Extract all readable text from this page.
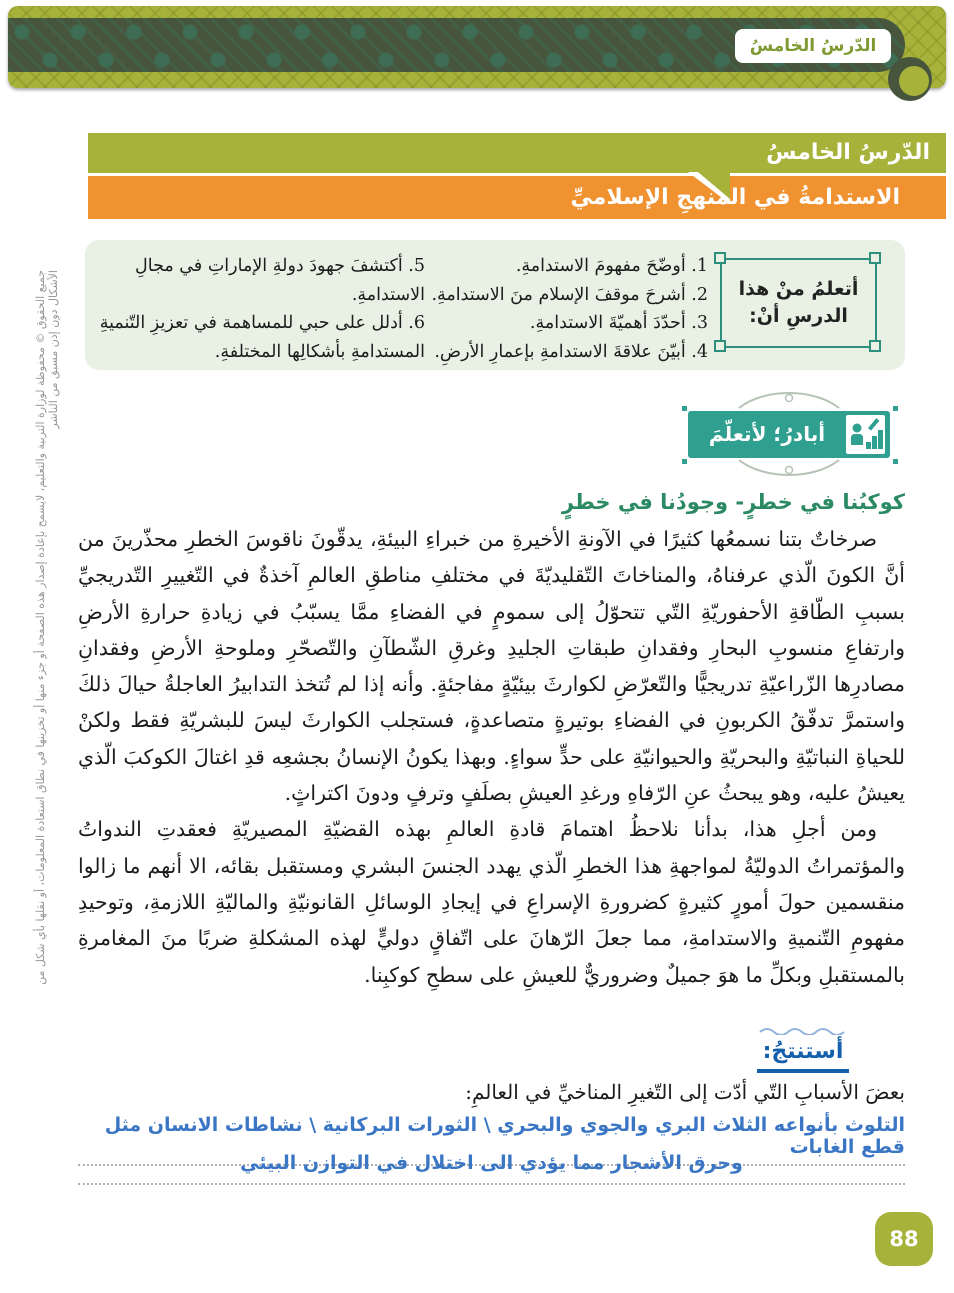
الدّرسُ الخامسُ
الدّرسُ الخامسُ
الاستدامةُ في المنهجِ الإسلاميِّ
أتعلمُ منْ هذا الدرسِ أنْ:
1. أوضّحَ مفهومَ الاستدامةِ.
2. أشرحَ موقفَ الإسلام منَ الاستدامةِ.
3. أحدّدَ أهميّةَ الاستدامةِ.
4. أبيّنَ علاقةَ الاستدامةِ بإعمارِ الأرضِ.
5. أكتشفَ جهودَ دولةِ الإماراتِ في مجالِ الاستدامةِ.
6. أدلل على حبي للمساهمة في تعزيزِ التّنميةِ المستدامةِ بأشكالِها المختلفةِ.
أبادرُ؛ لأتعلّمَ
كوكبُنا في خطرٍ- وجودُنا في خطرٍ

صرخاتٌ بتنا نسمعُها كثيرًا في الآونةِ الأخيرةِ من خبراءِ البيئةِ، يدقّونَ ناقوسَ الخطرِ محذّرينَ من أنَّ الكونَ الّذي عرفناهُ، والمناخاتَ التّقليديّةَ في مختلفِ مناطقِ العالمِ آخذةٌ في التّغييرِ التّدريجيِّ بسببِ الطّاقةِ الأحفوريّةِ التّي تتحوّلُ إلى سمومٍ في الفضاءِ ممَّا يسبّبُ في زيادةِ حرارةِ الأرضِ وارتفاعِ منسوبِ البحارِ وفقدانِ طبقاتِ الجليدِ وغرقِ الشّطآنِ والتّصحّرِ وملوحةِ الأرضِ وفقدانِ مصادرِها الزّراعيّةِ تدريجيًّا والتّعرّضِ لكوارثَ بيئيّةٍ مفاجئةٍ. وأنه إذا لم تُتخذ التدابيرُ العاجلةُ حيالَ ذلكَ واستمرَّ تدفّقُ الكربونِ في الفضاءِ بوتيرةٍ متصاعدةٍ، فستجلب الكوارثَ ليسَ للبشريّةِ فقط ولكنْ للحياةِ النباتيّةِ والبحريّةِ والحيوانيّةِ على حدٍّ سواءٍ. وبهذا يكونُ الإنسانُ بجشعِه قدِ اغتالَ الكوكبَ الّذي يعيشُ عليه، وهو يبحثُ عنِ الرّفاهِ ورغدِ العيشِ بصلَفٍ وترفٍ ودونَ اكتراثٍ.

ومن أجلِ هذا، بدأنا نلاحظُ اهتمامَ قادةِ العالمِ بهذه القضيّةِ المصيريّةِ فعقدتِ الندواتُ والمؤتمراتُ الدوليّةُ لمواجهةِ هذا الخطرِ الّذي يهدد الجنسَ البشري ومستقبل بقائه، الا أنهم ما زالوا منقسمين حولَ أمورٍ كثيرةٍ كضرورةِ الإسراعِ في إيجادِ الوسائلِ القانونيّةِ والماليّةِ اللازمةِ، وتوحيدِ مفهومِ التّنميةِ والاستدامةِ، مما جعلَ الرّهانَ على اتّفاقٍ دوليٍّ لهذه المشكلةِ ضربًا منَ المغامرةِ بالمستقبلِ وبكلِّ ما هوَ جميلٌ وضروريٌّ للعيشِ على سطحِ كوكبِنا.

أستنتجُ:
بعضَ الأسبابِ التّي أدّت إلى التّغيرِ المناخيِّ في العالمِ:
التلوث بأنواعه الثلاث البري والجوي والبحري \ الثورات البركانية \ نشاطات الانسان مثل قطع الغابات
وحرق الأشجار مما يؤدي الى اختلال في التوازن البيئي
جميع الحقوق © محفوظة لوزارة التربية والتعليم، لايسمح بإعادة إصدار هذه الصفحة أو جزء منها أو تخزينها في نطاق استعادة المعلومات، أو نقلها بأي شكل من الأشكال دون إذن مسبق من الناشر
88
